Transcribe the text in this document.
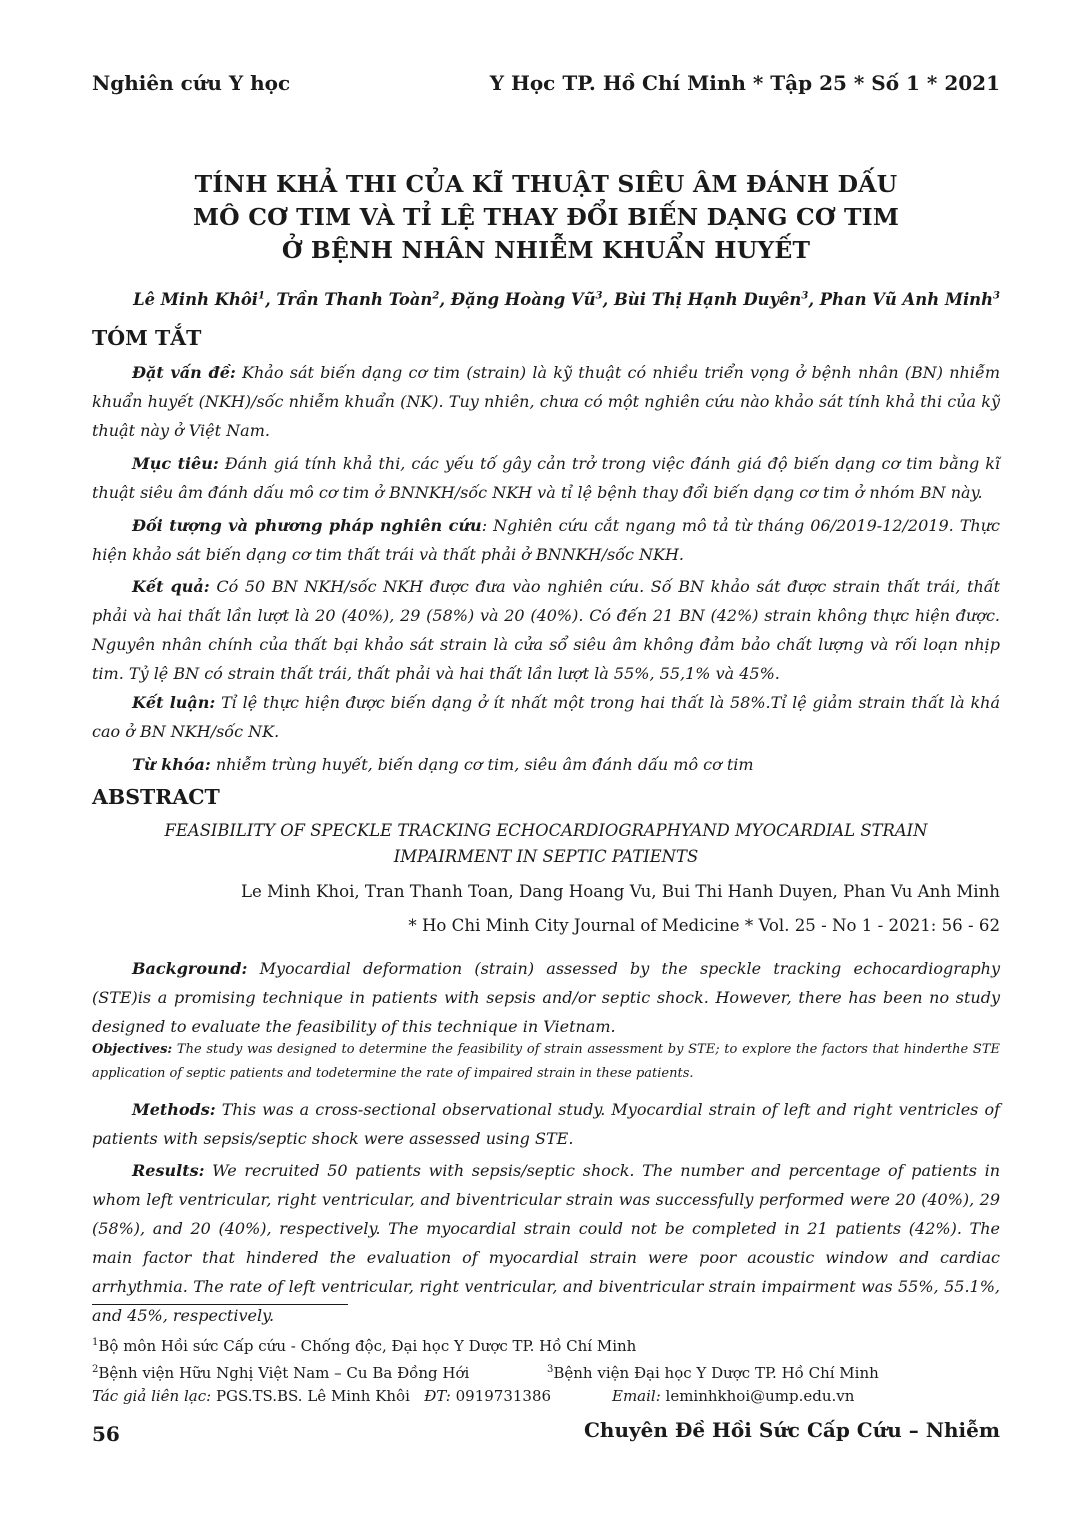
Nghiên cứu Y học	Y Học TP. Hồ Chí Minh * Tập 25 * Số 1 * 2021
TÍNH KHẢ THI CỦA KĨ THUẬT SIÊU ÂM ĐÁNH DẤU
MÔ CƠ TIM VÀ TỈ LỆ THAY ĐỔI BIẾN DẠNG CƠ TIM
Ở BỆNH NHÂN NHIỄM KHUẨN HUYẾT
Lê Minh Khôi$^1$, Trần Thanh Toàn$^2$, Đặng Hoàng $Vũ^3$, Bùi Thị Hạnh Duyên$^3$, Phan Vũ Anh Minh$^3$
TÓM TẮT
Đặt vấn đề: Khảo sát biến dạng cơ tim (strain) là kỹ thuật có nhiều triển vọng ở bệnh nhân (BN) nhiễm khuẩn huyết (NKH)/sốc nhiễm khuẩn (NK). Tuy nhiên, chưa có một nghiên cứu nào khảo sát tính khả thi của kỹ thuật này ở Việt Nam.
Mục tiêu: Đánh giá tính khả thi, các yếu tố gây cản trở trong việc đánh giá độ biến dạng cơ tim bằng kĩ thuật siêu âm đánh dấu mô cơ tim ở BNNKH/sốc NKH và tỉ lệ bệnh thay đổi biến dạng cơ tim ở nhóm BN này.
Đối tượng và phương pháp nghiên cứu: Nghiên cứu cắt ngang mô tả từ tháng 06/2019-12/2019. Thực hiện khảo sát biến dạng cơ tim thất trái và thất phải ở BNNKH/sốc NKH.
Kết quả: Có 50 BN NKH/sốc NKH được đưa vào nghiên cứu. Số BN khảo sát được strain thất trái, thất phải và hai thất lần lượt là 20 (40%), 29 (58%) và 20 (40%). Có đến 21 BN (42%) strain không thực hiện được. Nguyên nhân chính của thất bại khảo sát strain là cửa sổ siêu âm không đảm bảo chất lượng và rối loạn nhịp tim. Tỷ lệ BN có strain thất trái, thất phải và hai thất lần lượt là 55%, 55,1% và 45%.
Kết luận: Tỉ lệ thực hiện được biến dạng ở ít nhất một trong hai thất là 58%.Tỉ lệ giảm strain thất là khá cao ở BN NKH/sốc NK.
Từ khóa: nhiễm trùng huyết, biến dạng cơ tim, siêu âm đánh dấu mô cơ tim
ABSTRACT
FEASIBILITY OF SPECKLE TRACKING ECHOCARDIOGRAPHYAND MYOCARDIAL STRAIN
IMPAIRMENT IN SEPTIC PATIENTS
Le Minh Khoi, Tran Thanh Toan, Dang Hoang Vu, Bui Thi Hanh Duyen, Phan Vu Anh Minh
* Ho Chi Minh City Journal of Medicine * Vol. 25 - No 1 - 2021: 56 - 62
Background: Myocardial deformation (strain) assessed by the speckle tracking echocardiography (STE)is a promising technique in patients with sepsis and/or septic shock. However, there has been no study designed to evaluate the feasibility of this technique in Vietnam.
Objectives: The study was designed to determine the feasibility of strain assessment by STE; to explore the factors that hinderthe STE application of septic patients and todetermine the rate of impaired strain in these patients.
Methods: This was a cross-sectional observational study. Myocardial strain of left and right ventricles of patients with sepsis/septic shock were assessed using STE.
Results: We recruited 50 patients with sepsis/septic shock. The number and percentage of patients in whom left ventricular, right ventricular, and biventricular strain was successfully performed were 20 (40%), 29 (58%), and 20 (40%), respectively. The myocardial strain could not be completed in 21 patients (42%). The main factor that hindered the evaluation of myocardial strain were poor acoustic window and cardiac arrhythmia. The rate of left ventricular, right ventricular, and biventricular strain impairment was 55%, 55.1%, and 45%, respectively.
$^1$Bộ môn Hồi sức Cấp cứu - Chống độc, Đại học Y Dược TP. Hồ Chí Minh
$^2$Bệnh viện Hữu Nghị Việt Nam – Cu Ba Đồng Hới	$^3$Bệnh viện Đại học Y Dược TP. Hồ Chí Minh
Tác giả liên lạc: PGS.TS.BS. Lê Minh Khôi ĐT: 0919731386	Email: leminhkhoi@ump.edu.vn
56	Chuyên Đề Hồi Sức Cấp Cứu – Nhiễm
